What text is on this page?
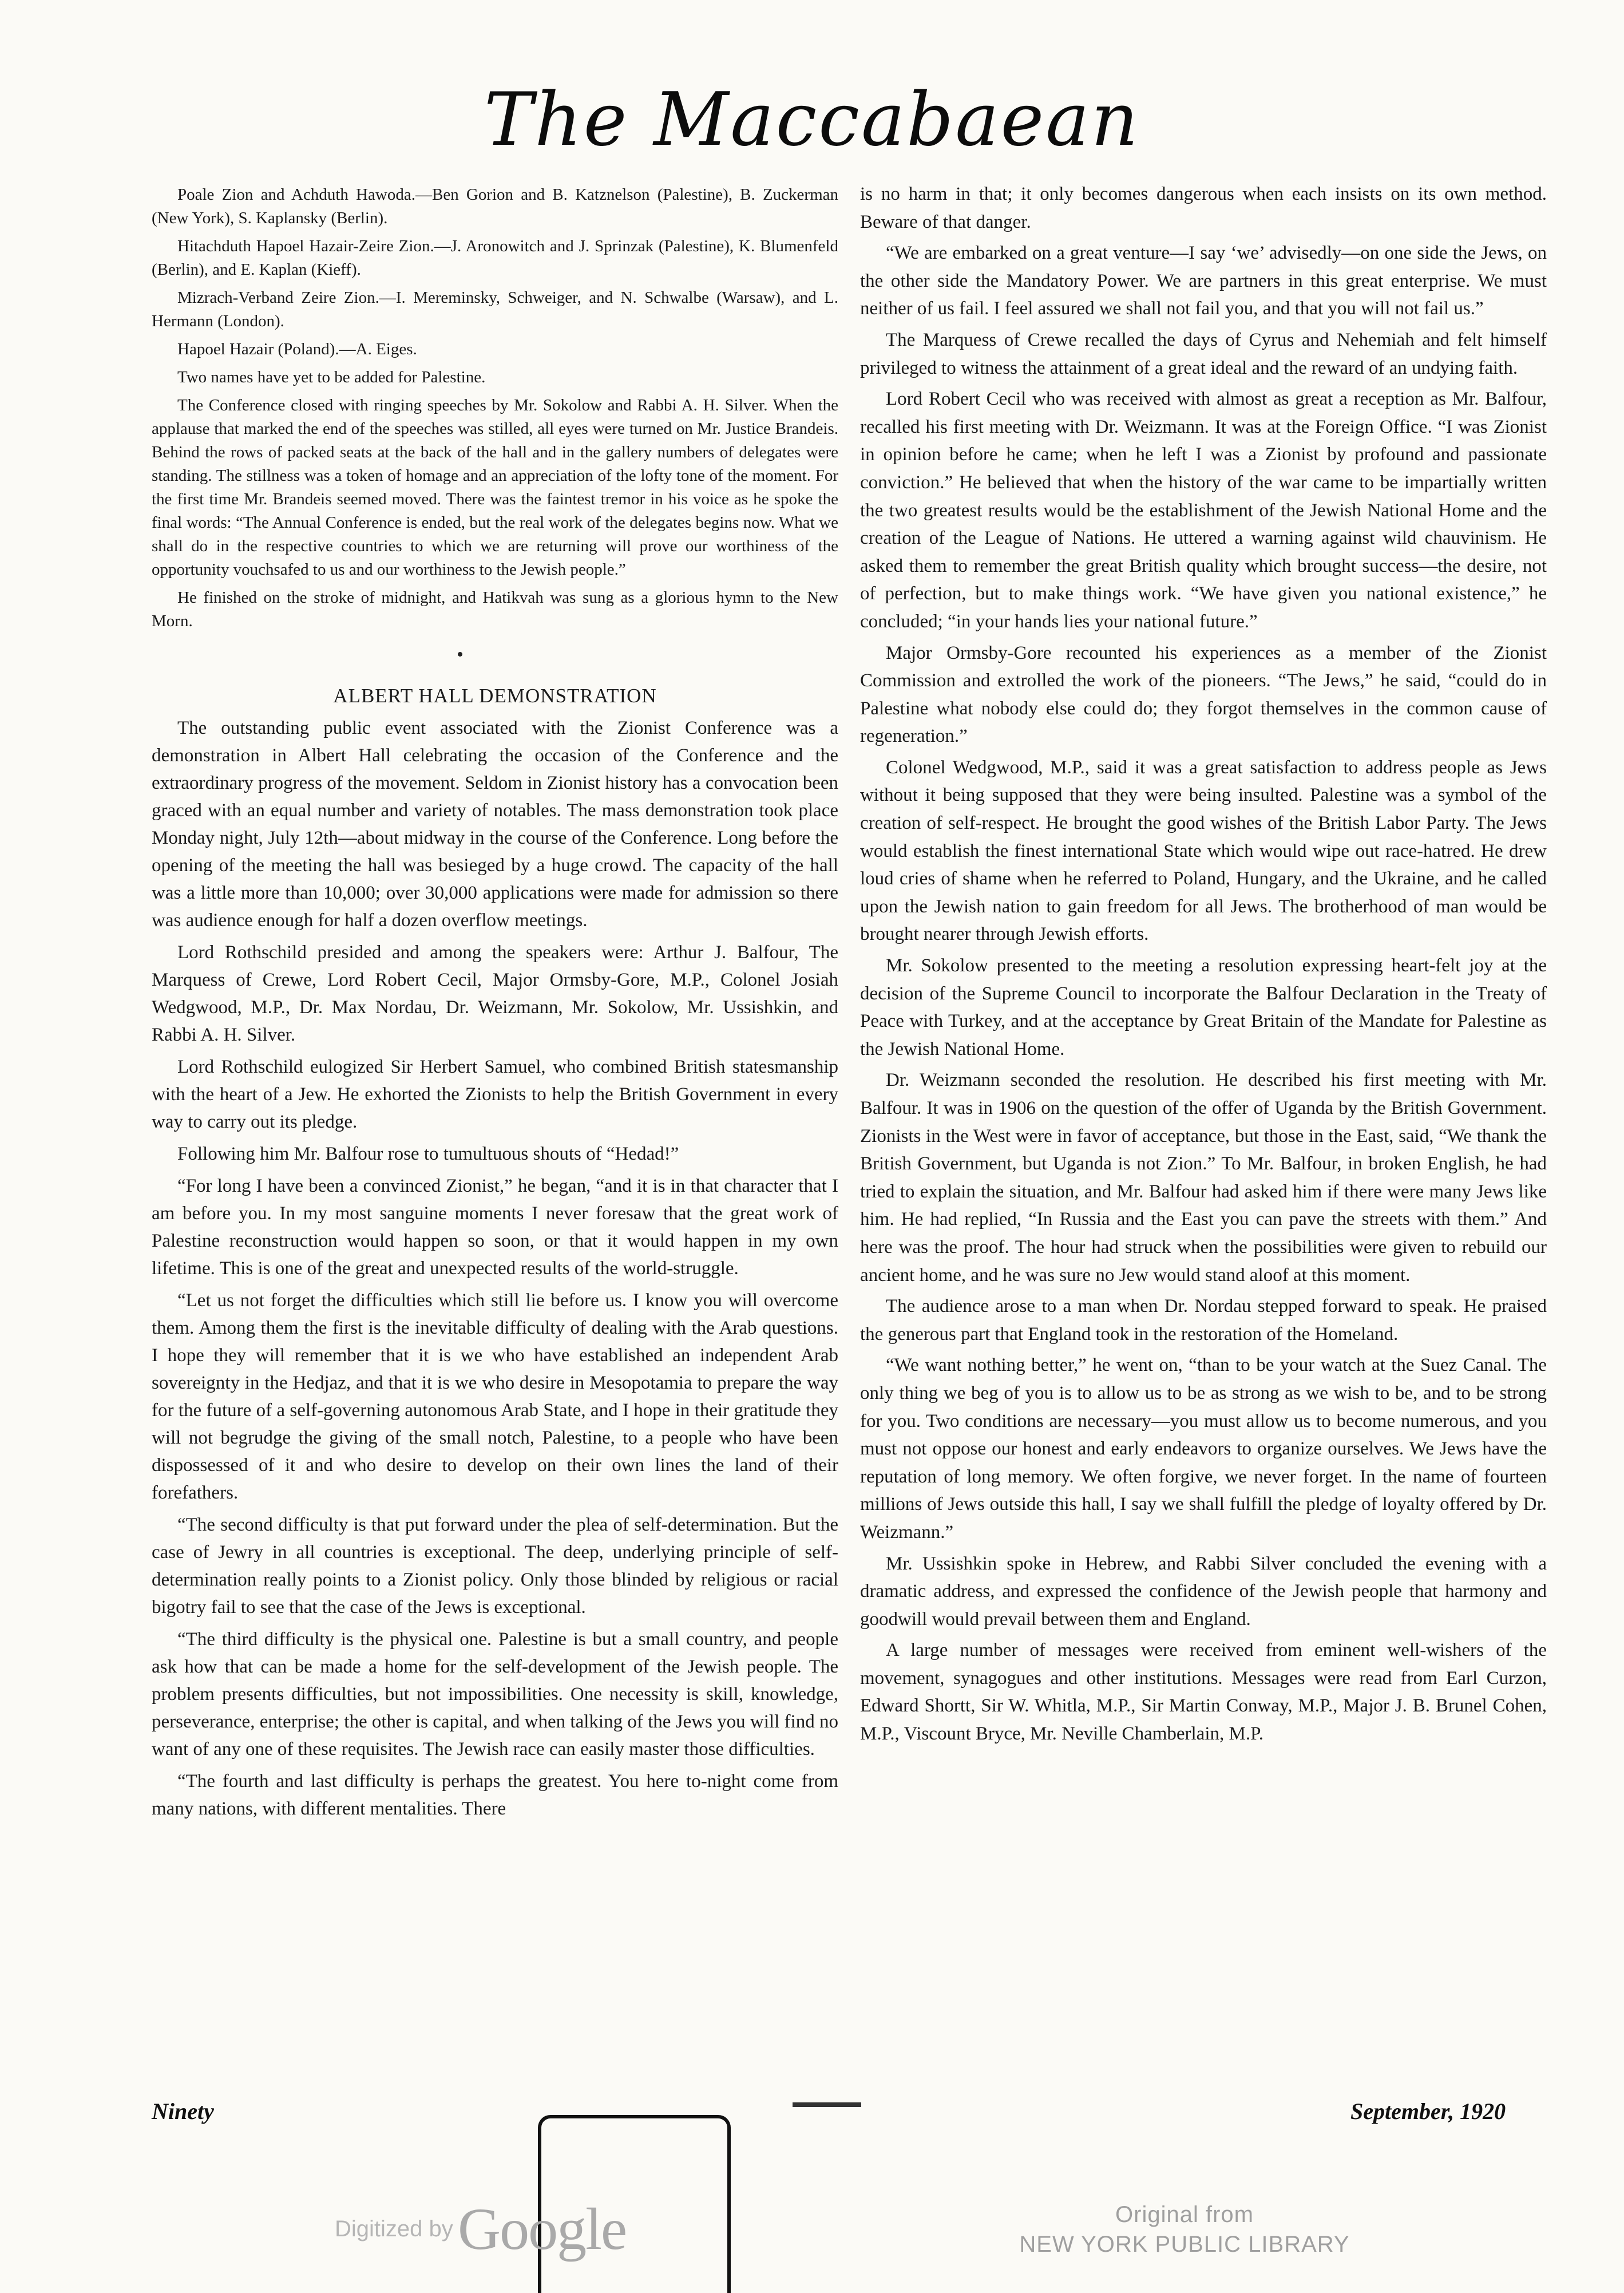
The Maccabaean

Poale Zion and Achduth Hawoda.—Ben Gorion and B. Katznelson (Palestine), B. Zuckerman (New York), S. Kaplansky (Berlin).

Hitachduth Hapoel Hazair-Zeire Zion.—J. Aronowitch and J. Sprinzak (Palestine), K. Blumenfeld (Berlin), and E. Kaplan (Kieff).

Mizrach-Verband Zeire Zion.—I. Mereminsky, Schweiger, and N. Schwalbe (Warsaw), and L. Hermann (London).

Hapoel Hazair (Poland).—A. Eiges.

Two names have yet to be added for Palestine.

The Conference closed with ringing speeches by Mr. Sokolow and Rabbi A. H. Silver. When the applause that marked the end of the speeches was stilled, all eyes were turned on Mr. Justice Brandeis. Behind the rows of packed seats at the back of the hall and in the gallery numbers of delegates were standing. The stillness was a token of homage and an appreciation of the lofty tone of the moment. For the first time Mr. Brandeis seemed moved. There was the faintest tremor in his voice as he spoke the final words: “The Annual Conference is ended, but the real work of the delegates begins now. What we shall do in the respective countries to which we are returning will prove our worthiness of the opportunity vouchsafed to us and our worthiness to the Jewish people.”

He finished on the stroke of midnight, and Hatikvah was sung as a glorious hymn to the New Morn.

ALBERT HALL DEMONSTRATION

The outstanding public event associated with the Zionist Conference was a demonstration in Albert Hall celebrating the occasion of the Conference and the extraordinary progress of the movement. Seldom in Zionist history has a convocation been graced with an equal number and variety of notables. The mass demonstration took place Monday night, July 12th—about midway in the course of the Conference. Long before the opening of the meeting the hall was besieged by a huge crowd. The capacity of the hall was a little more than 10,000; over 30,000 applications were made for admission so there was audience enough for half a dozen overflow meetings.

Lord Rothschild presided and among the speakers were: Arthur J. Balfour, The Marquess of Crewe, Lord Robert Cecil, Major Ormsby-Gore, M.P., Colonel Josiah Wedgwood, M.P., Dr. Max Nordau, Dr. Weizmann, Mr. Sokolow, Mr. Ussishkin, and Rabbi A. H. Silver.

Lord Rothschild eulogized Sir Herbert Samuel, who combined British statesmanship with the heart of a Jew. He exhorted the Zionists to help the British Government in every way to carry out its pledge.

Following him Mr. Balfour rose to tumultuous shouts of “Hedad!”

“For long I have been a convinced Zionist,” he began, “and it is in that character that I am before you. In my most sanguine moments I never foresaw that the great work of Palestine reconstruction would happen so soon, or that it would happen in my own lifetime. This is one of the great and unexpected results of the world-struggle.

“Let us not forget the difficulties which still lie before us. I know you will overcome them. Among them the first is the inevitable difficulty of dealing with the Arab questions. I hope they will remember that it is we who have established an independent Arab sovereignty in the Hedjaz, and that it is we who desire in Mesopotamia to prepare the way for the future of a self-governing autonomous Arab State, and I hope in their gratitude they will not begrudge the giving of the small notch, Palestine, to a people who have been dispossessed of it and who desire to develop on their own lines the land of their forefathers.

“The second difficulty is that put forward under the plea of self-determination. But the case of Jewry in all countries is exceptional. The deep, underlying principle of self-determination really points to a Zionist policy. Only those blinded by religious or racial bigotry fail to see that the case of the Jews is exceptional.

“The third difficulty is the physical one. Palestine is but a small country, and people ask how that can be made a home for the self-development of the Jewish people. The problem presents difficulties, but not impossibilities. One necessity is skill, knowledge, perseverance, enterprise; the other is capital, and when talking of the Jews you will find no want of any one of these requisites. The Jewish race can easily master those difficulties.

“The fourth and last difficulty is perhaps the greatest. You here to-night come from many nations, with different mentalities. There

is no harm in that; it only becomes dangerous when each insists on its own method. Beware of that danger.

“We are embarked on a great venture—I say ‘we’ advisedly—on one side the Jews, on the other side the Mandatory Power. We are partners in this great enterprise. We must neither of us fail. I feel assured we shall not fail you, and that you will not fail us.”

The Marquess of Crewe recalled the days of Cyrus and Nehemiah and felt himself privileged to witness the attainment of a great ideal and the reward of an undying faith.

Lord Robert Cecil who was received with almost as great a reception as Mr. Balfour, recalled his first meeting with Dr. Weizmann. It was at the Foreign Office. “I was Zionist in opinion before he came; when he left I was a Zionist by profound and passionate conviction.” He believed that when the history of the war came to be impartially written the two greatest results would be the establishment of the Jewish National Home and the creation of the League of Nations. He uttered a warning against wild chauvinism. He asked them to remember the great British quality which brought success—the desire, not of perfection, but to make things work. “We have given you national existence,” he concluded; “in your hands lies your national future.”

Major Ormsby-Gore recounted his experiences as a member of the Zionist Commission and extrolled the work of the pioneers. “The Jews,” he said, “could do in Palestine what nobody else could do; they forgot themselves in the common cause of regeneration.”

Colonel Wedgwood, M.P., said it was a great satisfaction to address people as Jews without it being supposed that they were being insulted. Palestine was a symbol of the creation of self-respect. He brought the good wishes of the British Labor Party. The Jews would establish the finest international State which would wipe out race-hatred. He drew loud cries of shame when he referred to Poland, Hungary, and the Ukraine, and he called upon the Jewish nation to gain freedom for all Jews. The brotherhood of man would be brought nearer through Jewish efforts.

Mr. Sokolow presented to the meeting a resolution expressing heart-felt joy at the decision of the Supreme Council to incorporate the Balfour Declaration in the Treaty of Peace with Turkey, and at the acceptance by Great Britain of the Mandate for Palestine as the Jewish National Home.

Dr. Weizmann seconded the resolution. He described his first meeting with Mr. Balfour. It was in 1906 on the question of the offer of Uganda by the British Government. Zionists in the West were in favor of acceptance, but those in the East, said, “We thank the British Government, but Uganda is not Zion.” To Mr. Balfour, in broken English, he had tried to explain the situation, and Mr. Balfour had asked him if there were many Jews like him. He had replied, “In Russia and the East you can pave the streets with them.” And here was the proof. The hour had struck when the possibilities were given to rebuild our ancient home, and he was sure no Jew would stand aloof at this moment.

The audience arose to a man when Dr. Nordau stepped forward to speak. He praised the generous part that England took in the restoration of the Homeland.

“We want nothing better,” he went on, “than to be your watch at the Suez Canal. The only thing we beg of you is to allow us to be as strong as we wish to be, and to be strong for you. Two conditions are necessary—you must allow us to become numerous, and you must not oppose our honest and early endeavors to organize ourselves. We Jews have the reputation of long memory. We often forgive, we never forget. In the name of fourteen millions of Jews outside this hall, I say we shall fulfill the pledge of loyalty offered by Dr. Weizmann.”

Mr. Ussishkin spoke in Hebrew, and Rabbi Silver concluded the evening with a dramatic address, and expressed the confidence of the Jewish people that harmony and goodwill would prevail between them and England.

A large number of messages were received from eminent well-wishers of the movement, synagogues and other institutions. Messages were read from Earl Curzon, Edward Shortt, Sir W. Whitla, M.P., Sir Martin Conway, M.P., Major J. B. Brunel Cohen, M.P., Viscount Bryce, Mr. Neville Chamberlain, M.P.

Ninety	September, 1920
Digitized by Google	Original from
NEW YORK PUBLIC LIBRARY
